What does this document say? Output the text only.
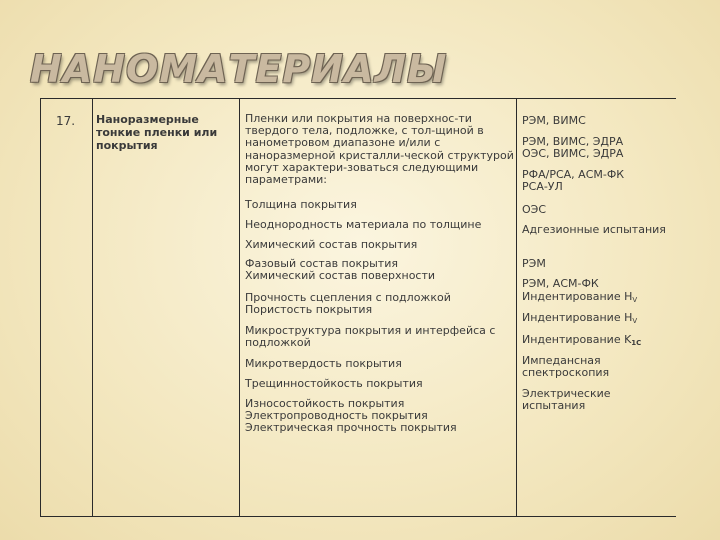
НАНОМАТЕРИАЛЫ
17. Наноразмерные тонкие пленки или покрытия
Пленки или покрытия на поверхнос-ти твердого тела, подложке, с тол-щиной в нанометровом диапазоне и/или с наноразмерной кристалли-ческой структурой могут характери-зоваться следующими параметрами:
Толщина покрытия
Неоднородность материала по толщине
Химический состав покрытия
Фазовый состав покрытия
Химический состав поверхности
Прочность сцепления с подложкой
Пористость покрытия
Микроструктура покрытия и интерфейса с подложкой
Микротвердость покрытия
Трещинностойкость покрытия
Износостойкость покрытия
Электропроводность покрытия
Электрическая прочность покрытия
РЭМ, ВИМС
РЭМ, ВИМС, ЭДРА
ОЭС, ВИМС, ЭДРА
РФА/РСА, АСМ-ФК
РСА-УЛ
ОЭС
Адгезионные испытания
РЭМ
РЭМ, АСМ-ФК
Индентирование HV
Индентирование HV
Индентирование K1C
Импедансная спектроскопия
Электрические испытания
